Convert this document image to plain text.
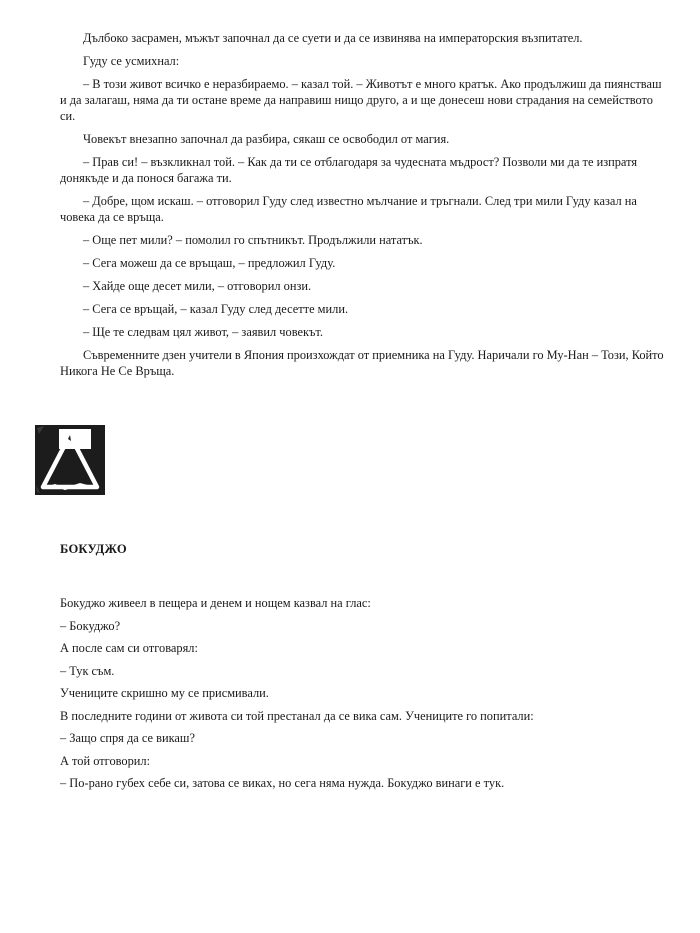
Дълбоко засрамен, мъжът започнал да се суети и да се извинява на императорския възпитател.

Гуду се усмихнал:

– В този живот всичко е неразбираемо. – казал той. – Животът е много кратък. Ако продължиш да пиянстваш и да залагаш, няма да ти остане време да направиш нищо друго, а и ще донесеш нови страдания на семейството си.

Човекът внезапно започнал да разбира, сякаш се освободил от магия.

– Прав си! – възкликнал той. – Как да ти се отблагодаря за чудесната мъдрост? Позволи ми да те изпратя донякъде и да понося багажа ти.

– Добре, щом искаш. – отговорил Гуду след известно мълчание и тръгнали. След три мили Гуду казал на човека да се връща.

– Още пет мили? – помолил го спътникът. Продължили нататък.

– Сега можеш да се връщаш, – предложил Гуду.

– Хайде още десет мили, – отговорил онзи.

– Сега се връщай, – казал Гуду след десетте мили.

– Ще те следвам цял живот, – заявил човекът.

Съвременните дзен учители в Япония произхождат от приемника на Гуду. Наричали го Му-Нан – Този, Който Никога Не Се Връща.

БОКУДЖО

Бокуджо живеел в пещера и денем и нощем казвал на глас:

– Бокуджо?

А после сам си отговарял:

– Тук съм.

Учениците скришно му се присмивали.

В последните години от живота си той престанал да се вика сам. Учениците го попитали:

– Защо спря да се викаш?

А той отговорил:

– По-рано губех себе си, затова се виках, но сега няма нужда. Бокуджо винаги е тук.
